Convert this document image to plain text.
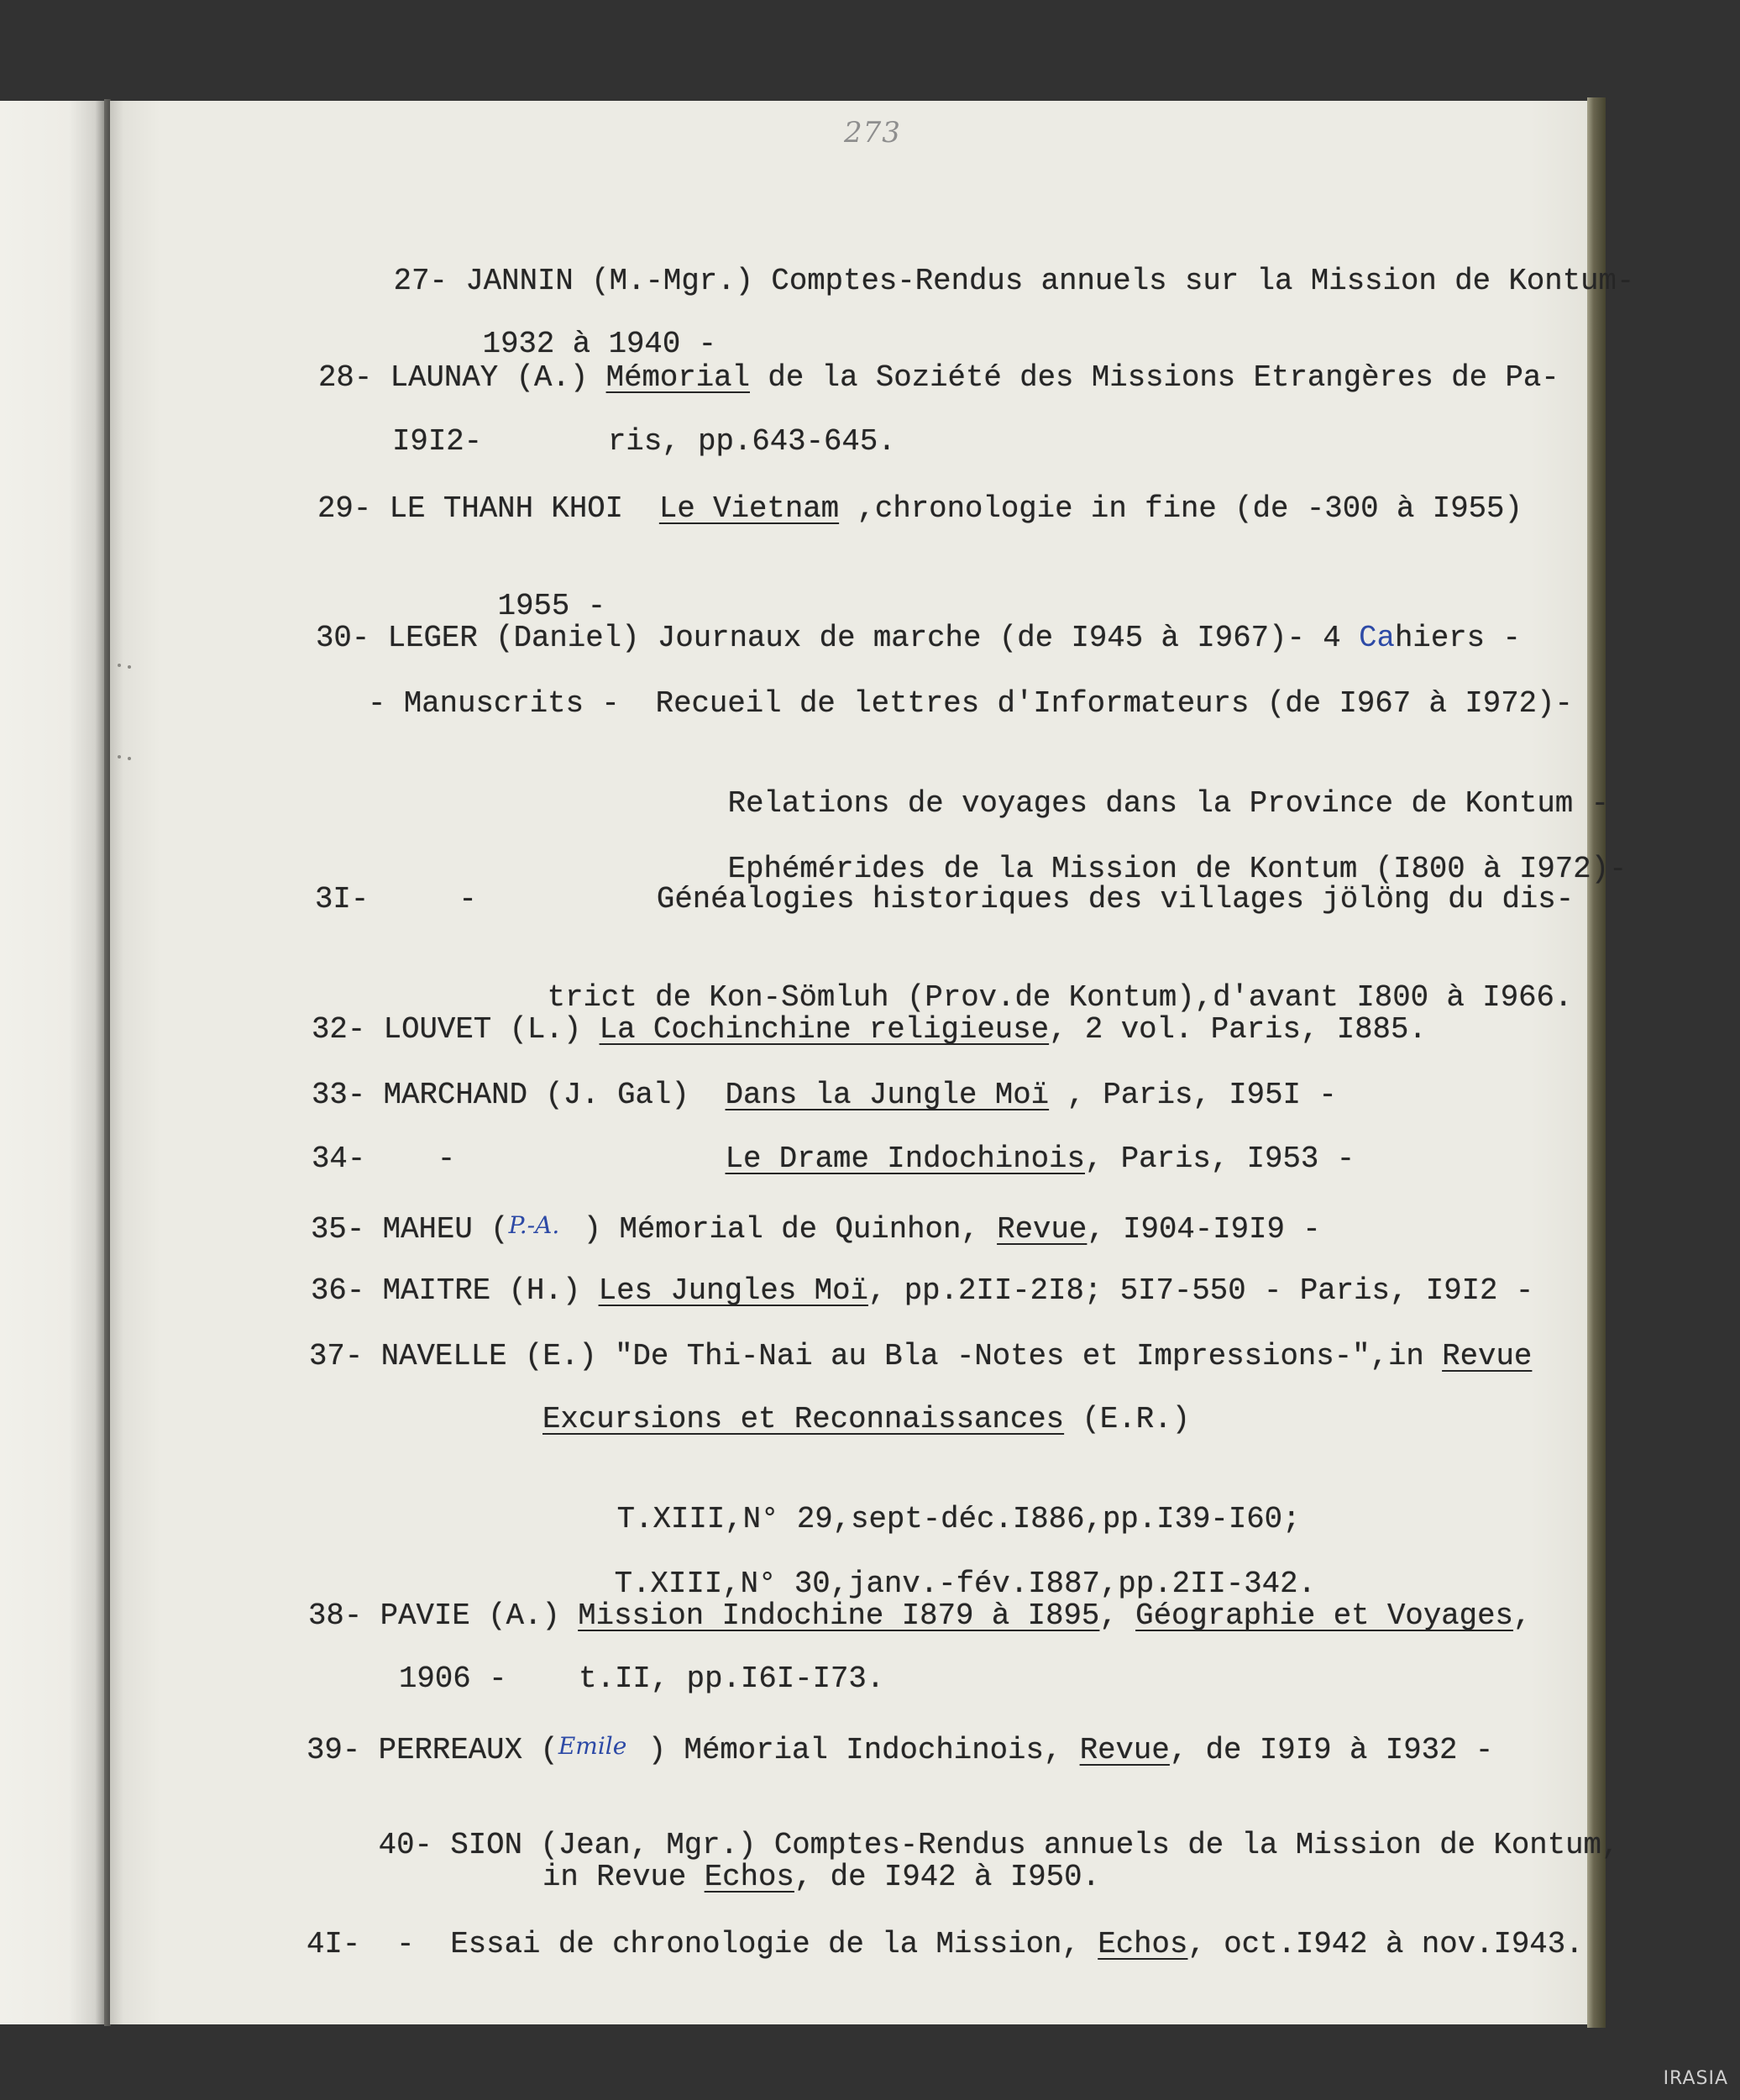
273

27- JANNIN (M.-Mgr.) Comptes-Rendus annuels sur la Mission de Kontum-

1932 à 1940 -

28- LAUNAY (A.) Mémorial de la Soziété des Missions Etrangères de Pa-
I9I2-	ris, pp.643-645.
29- LE THANH KHOI Le Vietnam ,chronologie in fine (de -300 à I955)

1955 -

30- LEGER (Daniel) Journaux de marche (de I945 à I967)- 4 Cahiers -
- Manuscrits - Recueil de lettres d'Informateurs (de I967 à I972)-

Relations de voyages dans la Province de Kontum -

Ephémérides de la Mission de Kontum (I800 à I972)-

3I-	-	Généalogies historiques des villages jölöng du dis-

trict de Kon-Sömluh (Prov.de Kontum),d'avant I800 à I966.

32- LOUVET (L.) La Cochinchine religieuse, 2 vol. Paris, I885.
33- MARCHAND (J. Gal) Dans la Jungle Moï , Paris, I95I -
34- -	Le Drame Indochinois, Paris, I953 -
35- MAHEU (P.-A. ) Mémorial de Quinhon, Revue, I904-I9I9 -
36- MAITRE (H.) Les Jungles Moï, pp.2II-2I8; 5I7-550 - Paris, I9I2 -
37- NAVELLE (E.) "De Thi-Nai au Bla -Notes et Impressions-",in Revue
Excursions et Reconnaissances (E.R.)

T.XIII,N° 29,sept-déc.I886,pp.I39-I60;

T.XIII,N° 30,janv.-fév.I887,pp.2II-342.

38- PAVIE (A.) Mission Indochine I879 à I895, Géographie et Voyages,
1906 - t.II, pp.I6I-I73.
39- PERREAUX (Emile ) Mémorial Indochinois, Revue, de I9I9 à I932 -

40- SION (Jean, Mgr.) Comptes-Rendus annuels de la Mission de Kontum,

in Revue Echos, de I942 à I950.
4I- - Essai de chronologie de la Mission, Echos, oct.I942 à nov.I943.
IRASIA
